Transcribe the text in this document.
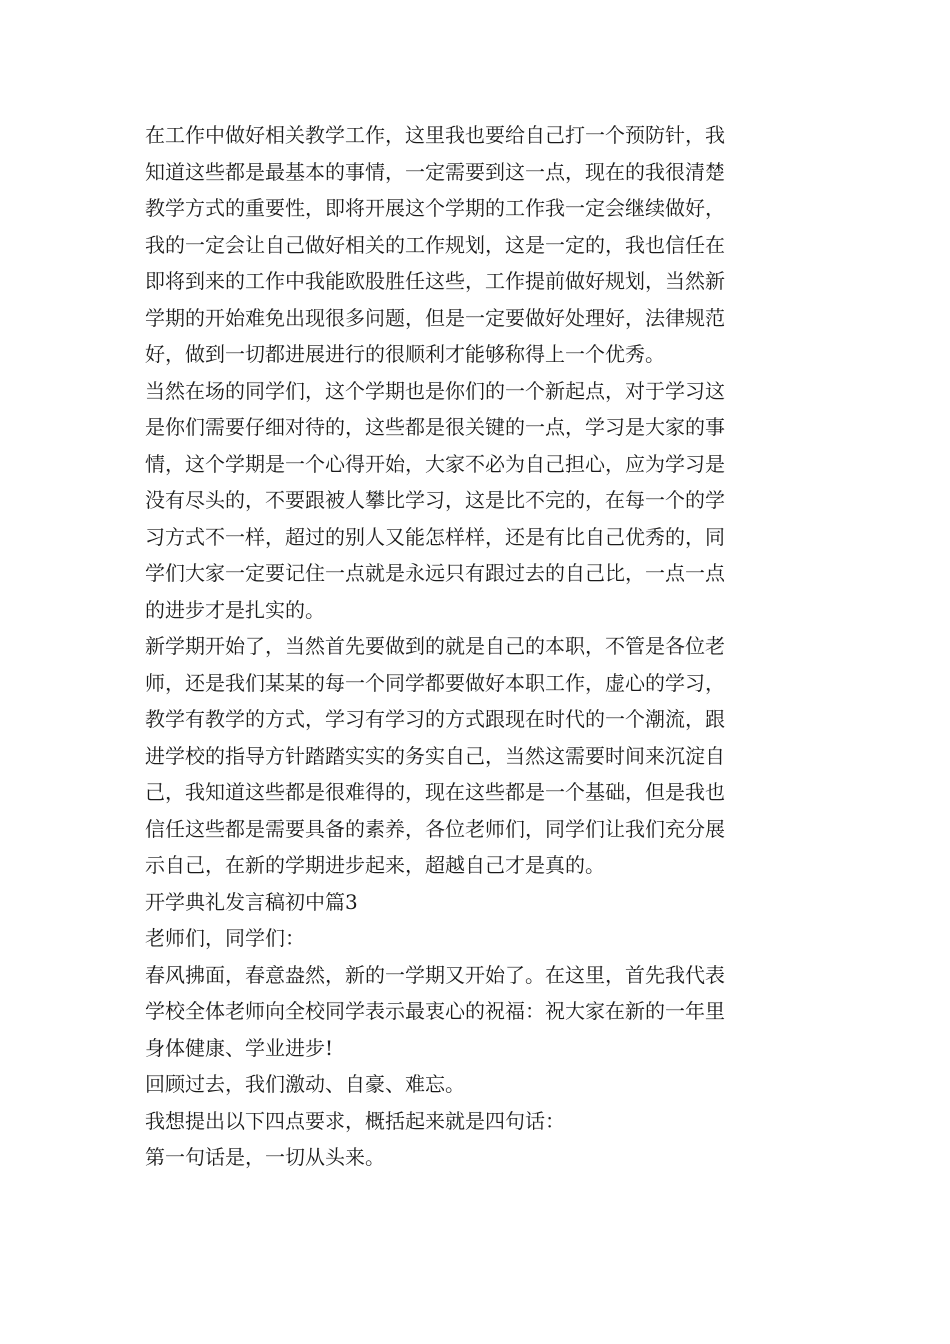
在工作中做好相关教学工作，这里我也要给自己打一个预防针，我
知道这些都是最基本的事情，一定需要到这一点，现在的我很清楚
教学方式的重要性，即将开展这个学期的工作我一定会继续做好，
我的一定会让自己做好相关的工作规划，这是一定的，我也信任在
即将到来的工作中我能欧股胜任这些，工作提前做好规划，当然新
学期的开始难免出现很多问题，但是一定要做好处理好，法律规范
好，做到一切都进展进行的很顺利才能够称得上一个优秀。
当然在场的同学们，这个学期也是你们的一个新起点，对于学习这
是你们需要仔细对待的，这些都是很关键的一点，学习是大家的事
情，这个学期是一个心得开始，大家不必为自己担心，应为学习是
没有尽头的，不要跟被人攀比学习，这是比不完的，在每一个的学
习方式不一样，超过的别人又能怎样样，还是有比自己优秀的，同
学们大家一定要记住一点就是永远只有跟过去的自己比，一点一点
的进步才是扎实的。
新学期开始了，当然首先要做到的就是自己的本职，不管是各位老
师，还是我们某某的每一个同学都要做好本职工作，虚心的学习，
教学有教学的方式，学习有学习的方式跟现在时代的一个潮流，跟
进学校的指导方针踏踏实实的务实自己，当然这需要时间来沉淀自
己，我知道这些都是很难得的，现在这些都是一个基础，但是我也
信任这些都是需要具备的素养，各位老师们，同学们让我们充分展
示自己，在新的学期进步起来，超越自己才是真的。
开学典礼发言稿初中篇3
老师们，同学们：
春风拂面，春意盎然，新的一学期又开始了。在这里，首先我代表
学校全体老师向全校同学表示最衷心的祝福：祝大家在新的一年里
身体健康、学业进步!
回顾过去，我们激动、自豪、难忘。
我想提出以下四点要求，概括起来就是四句话：
第一句话是，一切从头来。
